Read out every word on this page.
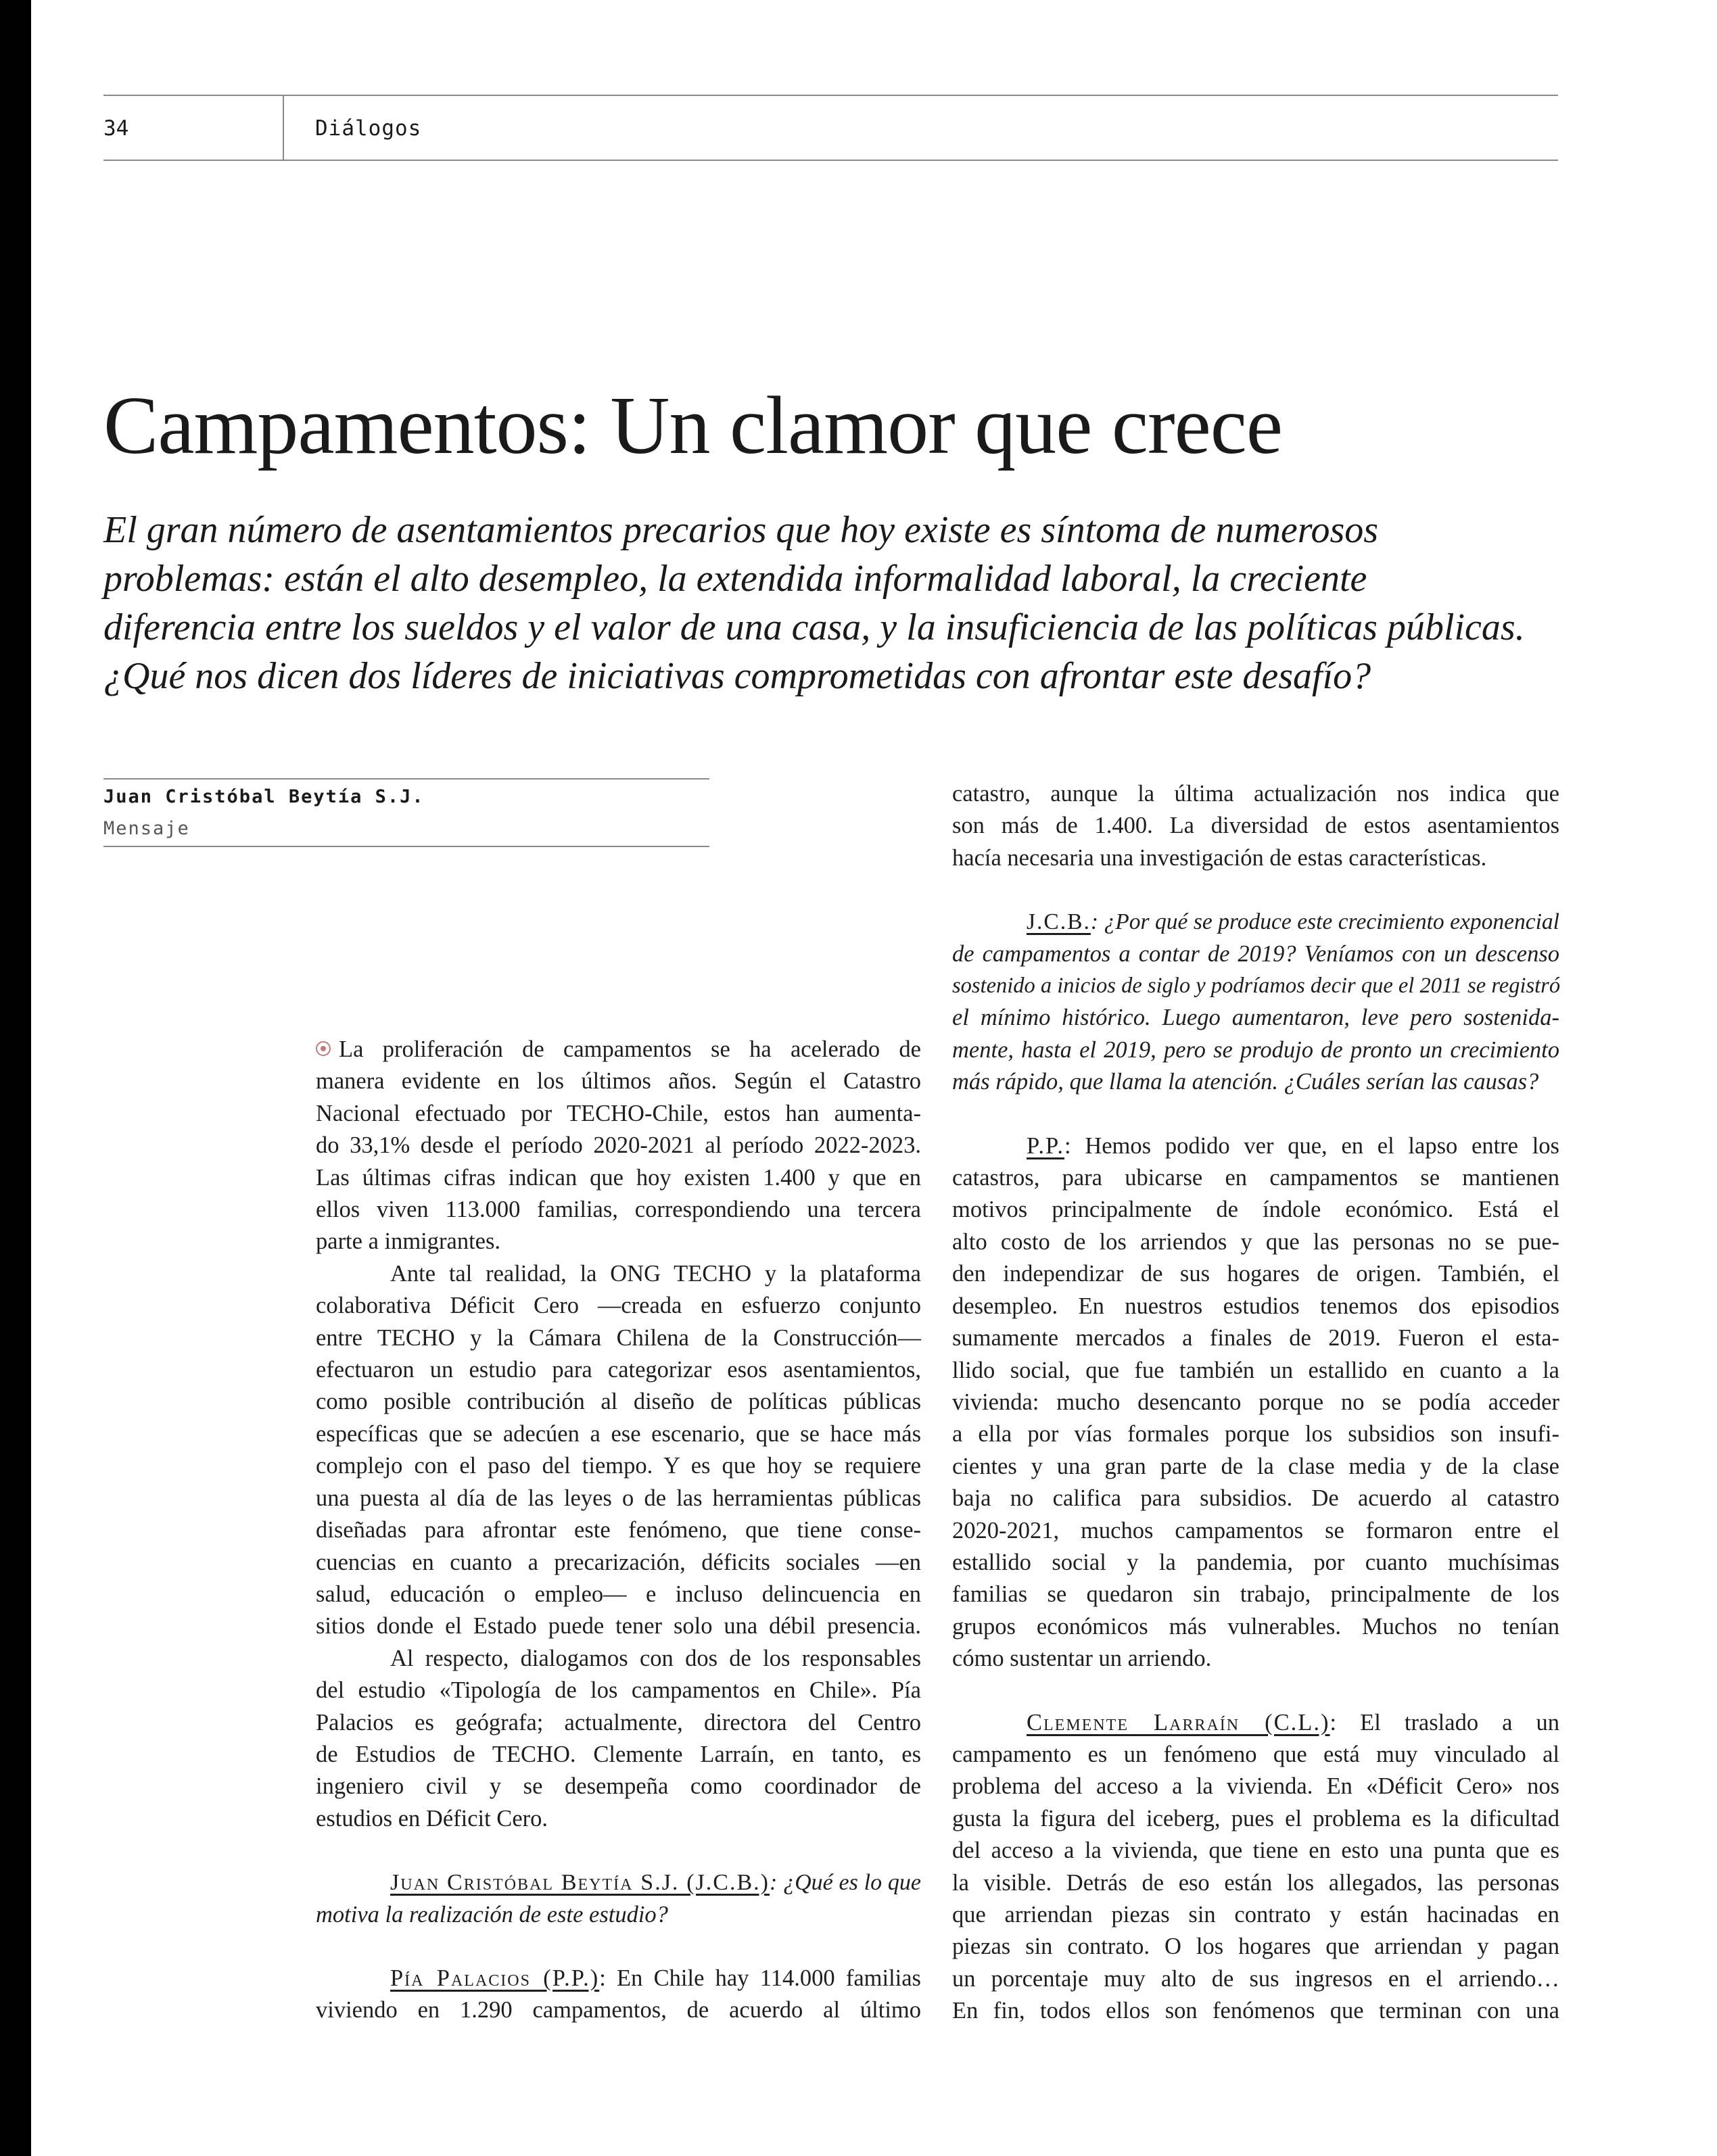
34	Diálogos
Campamentos: Un clamor que crece
El gran número de asentamientos precarios que hoy existe es síntoma de numerosos
problemas: están el alto desempleo, la extendida informalidad laboral, la creciente
diferencia entre los sueldos y el valor de una casa, y la insuficiencia de las políticas públicas.
¿Qué nos dicen dos líderes de iniciativas comprometidas con afrontar este desafío?
Juan Cristóbal Beytía S.J.
Mensaje
La proliferación de campamentos se ha acelerado de
manera evidente en los últimos años. Según el Catastro
Nacional efectuado por TECHO-Chile, estos han aumenta-
do 33,1% desde el período 2020-2021 al período 2022-2023.
Las últimas cifras indican que hoy existen 1.400 y que en
ellos viven 113.000 familias, correspondiendo una tercera
parte a inmigrantes.
Ante tal realidad, la ONG TECHO y la plataforma
colaborativa Déficit Cero —creada en esfuerzo conjunto
entre TECHO y la Cámara Chilena de la Construcción—
efectuaron un estudio para categorizar esos asentamientos,
como posible contribución al diseño de políticas públicas
específicas que se adecúen a ese escenario, que se hace más
complejo con el paso del tiempo. Y es que hoy se requiere
una puesta al día de las leyes o de las herramientas públicas
diseñadas para afrontar este fenómeno, que tiene conse-
cuencias en cuanto a precarización, déficits sociales —en
salud, educación o empleo— e incluso delincuencia en
sitios donde el Estado puede tener solo una débil presencia.
Al respecto, dialogamos con dos de los responsables
del estudio «Tipología de los campamentos en Chile». Pía
Palacios es geógrafa; actualmente, directora del Centro
de Estudios de TECHO. Clemente Larraín, en tanto, es
ingeniero civil y se desempeña como coordinador de
estudios en Déficit Cero.
Juan Cristóbal Beytía S.J. (J.C.B.): ¿Qué es lo que
motiva la realización de este estudio?
Pía Palacios (P.P.): En Chile hay 114.000 familias
viviendo en 1.290 campamentos, de acuerdo al último
catastro, aunque la última actualización nos indica que
son más de 1.400. La diversidad de estos asentamientos
hacía necesaria una investigación de estas características.
J.C.B.: ¿Por qué se produce este crecimiento exponencial
de campamentos a contar de 2019? Veníamos con un descenso
sostenido a inicios de siglo y podríamos decir que el 2011 se registró
el mínimo histórico. Luego aumentaron, leve pero sostenida-
mente, hasta el 2019, pero se produjo de pronto un crecimiento
más rápido, que llama la atención. ¿Cuáles serían las causas?
P.P.: Hemos podido ver que, en el lapso entre los
catastros, para ubicarse en campamentos se mantienen
motivos principalmente de índole económico. Está el
alto costo de los arriendos y que las personas no se pue-
den independizar de sus hogares de origen. También, el
desempleo. En nuestros estudios tenemos dos episodios
sumamente mercados a finales de 2019. Fueron el esta-
llido social, que fue también un estallido en cuanto a la
vivienda: mucho desencanto porque no se podía acceder
a ella por vías formales porque los subsidios son insufi-
cientes y una gran parte de la clase media y de la clase
baja no califica para subsidios. De acuerdo al catastro
2020-2021, muchos campamentos se formaron entre el
estallido social y la pandemia, por cuanto muchísimas
familias se quedaron sin trabajo, principalmente de los
grupos económicos más vulnerables. Muchos no tenían
cómo sustentar un arriendo.
Clemente Larraín (C.L.): El traslado a un
campamento es un fenómeno que está muy vinculado al
problema del acceso a la vivienda. En «Déficit Cero» nos
gusta la figura del iceberg, pues el problema es la dificultad
del acceso a la vivienda, que tiene en esto una punta que es
la visible. Detrás de eso están los allegados, las personas
que arriendan piezas sin contrato y están hacinadas en
piezas sin contrato. O los hogares que arriendan y pagan
un porcentaje muy alto de sus ingresos en el arriendo…
En fin, todos ellos son fenómenos que terminan con una
